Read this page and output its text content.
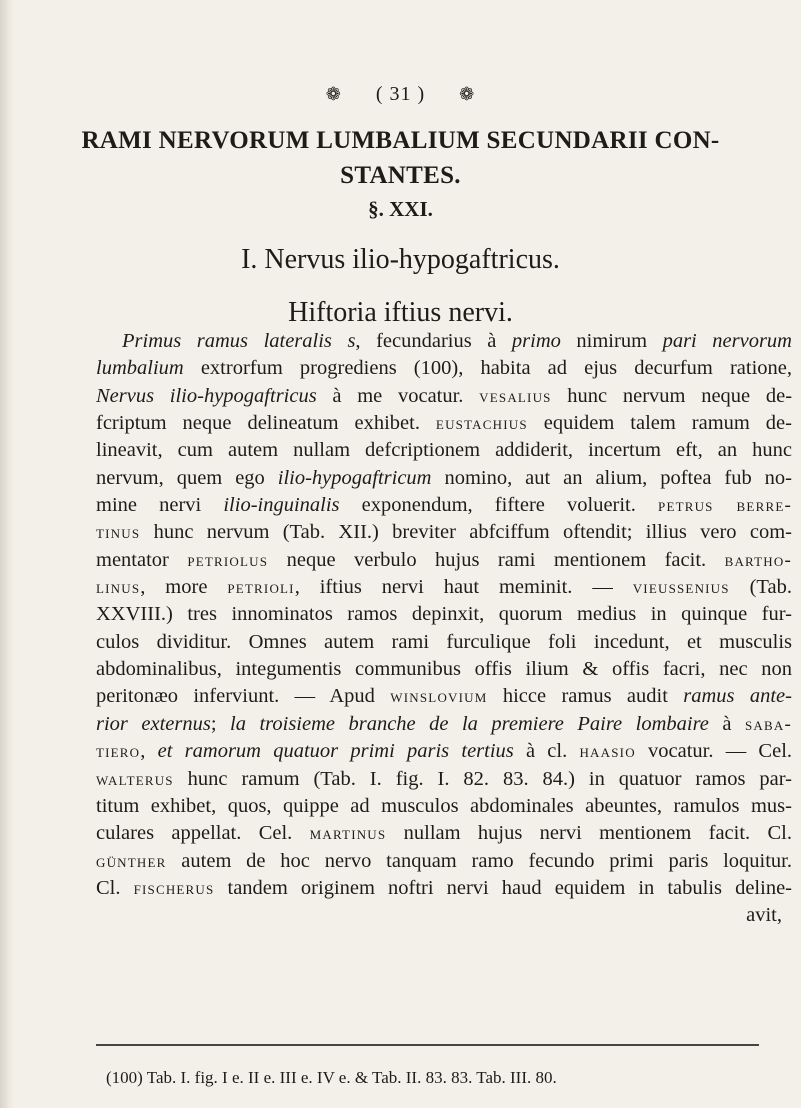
❁ ( 31 ) ❁
RAMI NERVORUM LUMBALIUM SECUNDARII CON-
STANTES.
§. XXI.
I. Nervus ilio-hypogaftricus.
Hiftoria iftius nervi.

Primus ramus lateralis s, fecundarius à primo nimirum pari nervorum

lumbalium extrorfum progrediens (100), habita ad ejus decurfum ratione,

Nervus ilio-hypogaftricus à me vocatur. vesalius hunc nervum neque de-

fcriptum neque delineatum exhibet. eustachius equidem talem ramum de-

lineavit, cum autem nullam defcriptionem addiderit, incertum eft, an hunc

nervum, quem ego ilio-hypogaftricum nomino, aut an alium, poftea fub no-

mine nervi ilio-inguinalis exponendum, fiftere voluerit. petrus berre-

tinus hunc nervum (Tab. XII.) breviter abfciffum oftendit; illius vero com-

mentator petriolus neque verbulo hujus rami mentionem facit. bartho-

linus, more petrioli, iftius nervi haut meminit. — vieussenius (Tab.

XXVIII.) tres innominatos ramos depinxit, quorum medius in quinque fur-

culos dividitur. Omnes autem rami furculique foli incedunt, et musculis

abdominalibus, integumentis communibus offis ilium & offis facri, nec non

peritonæo inferviunt. — Apud winslovium hicce ramus audit ramus ante-

rior externus; la troisieme branche de la premiere Paire lombaire à saba-

tiero, et ramorum quatuor primi paris tertius à cl. haasio vocatur. — Cel.

walterus hunc ramum (Tab. I. fig. I. 82. 83. 84.) in quatuor ramos par-

titum exhibet, quos, quippe ad musculos abdominales abeuntes, ramulos mus-

culares appellat. Cel. martinus nullam hujus nervi mentionem facit. Cl.

günther autem de hoc nervo tanquam ramo fecundo primi paris loquitur.

Cl. fischerus tandem originem noftri nervi haud equidem in tabulis deline-

avit,

(100) Tab. I. fig. I e. II e. III e. IV e. & Tab. II. 83. 83. Tab. III. 80.
